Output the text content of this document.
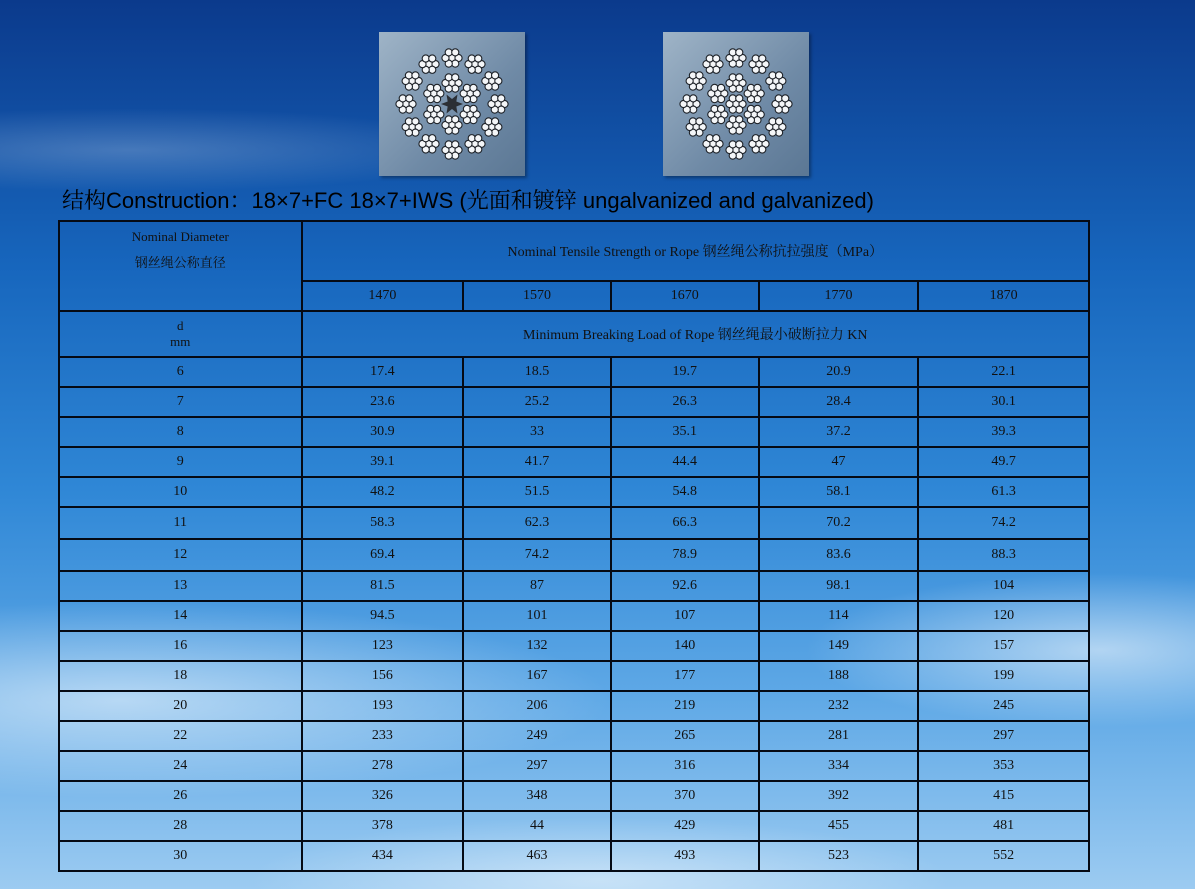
结构Construction：18×7+FC 18×7+IWS (光面和镀锌 ungalvanized and galvanized)
Nominal Diameter
钢丝绳公称直径	Nominal Tensile Strength or Rope 钢丝绳公称抗拉强度（MPa）				
	1470	1570	1670	1770	1870

d
mm	Minimum Breaking Load of Rope 钢丝绳最小破断拉力 KN				
6	17.4	18.5	19.7	20.9	22.1
7	23.6	25.2	26.3	28.4	30.1
8	30.9	33	35.1	37.2	39.3
9	39.1	41.7	44.4	47	49.7
10	48.2	51.5	54.8	58.1	61.3
11	58.3	62.3	66.3	70.2	74.2
12	69.4	74.2	78.9	83.6	88.3
13	81.5	87	92.6	98.1	104
14	94.5	101	107	114	120
16	123	132	140	149	157
18	156	167	177	188	199
20	193	206	219	232	245
22	233	249	265	281	297
24	278	297	316	334	353
26	326	348	370	392	415
28	378	44	429	455	481
30	434	463	493	523	552
